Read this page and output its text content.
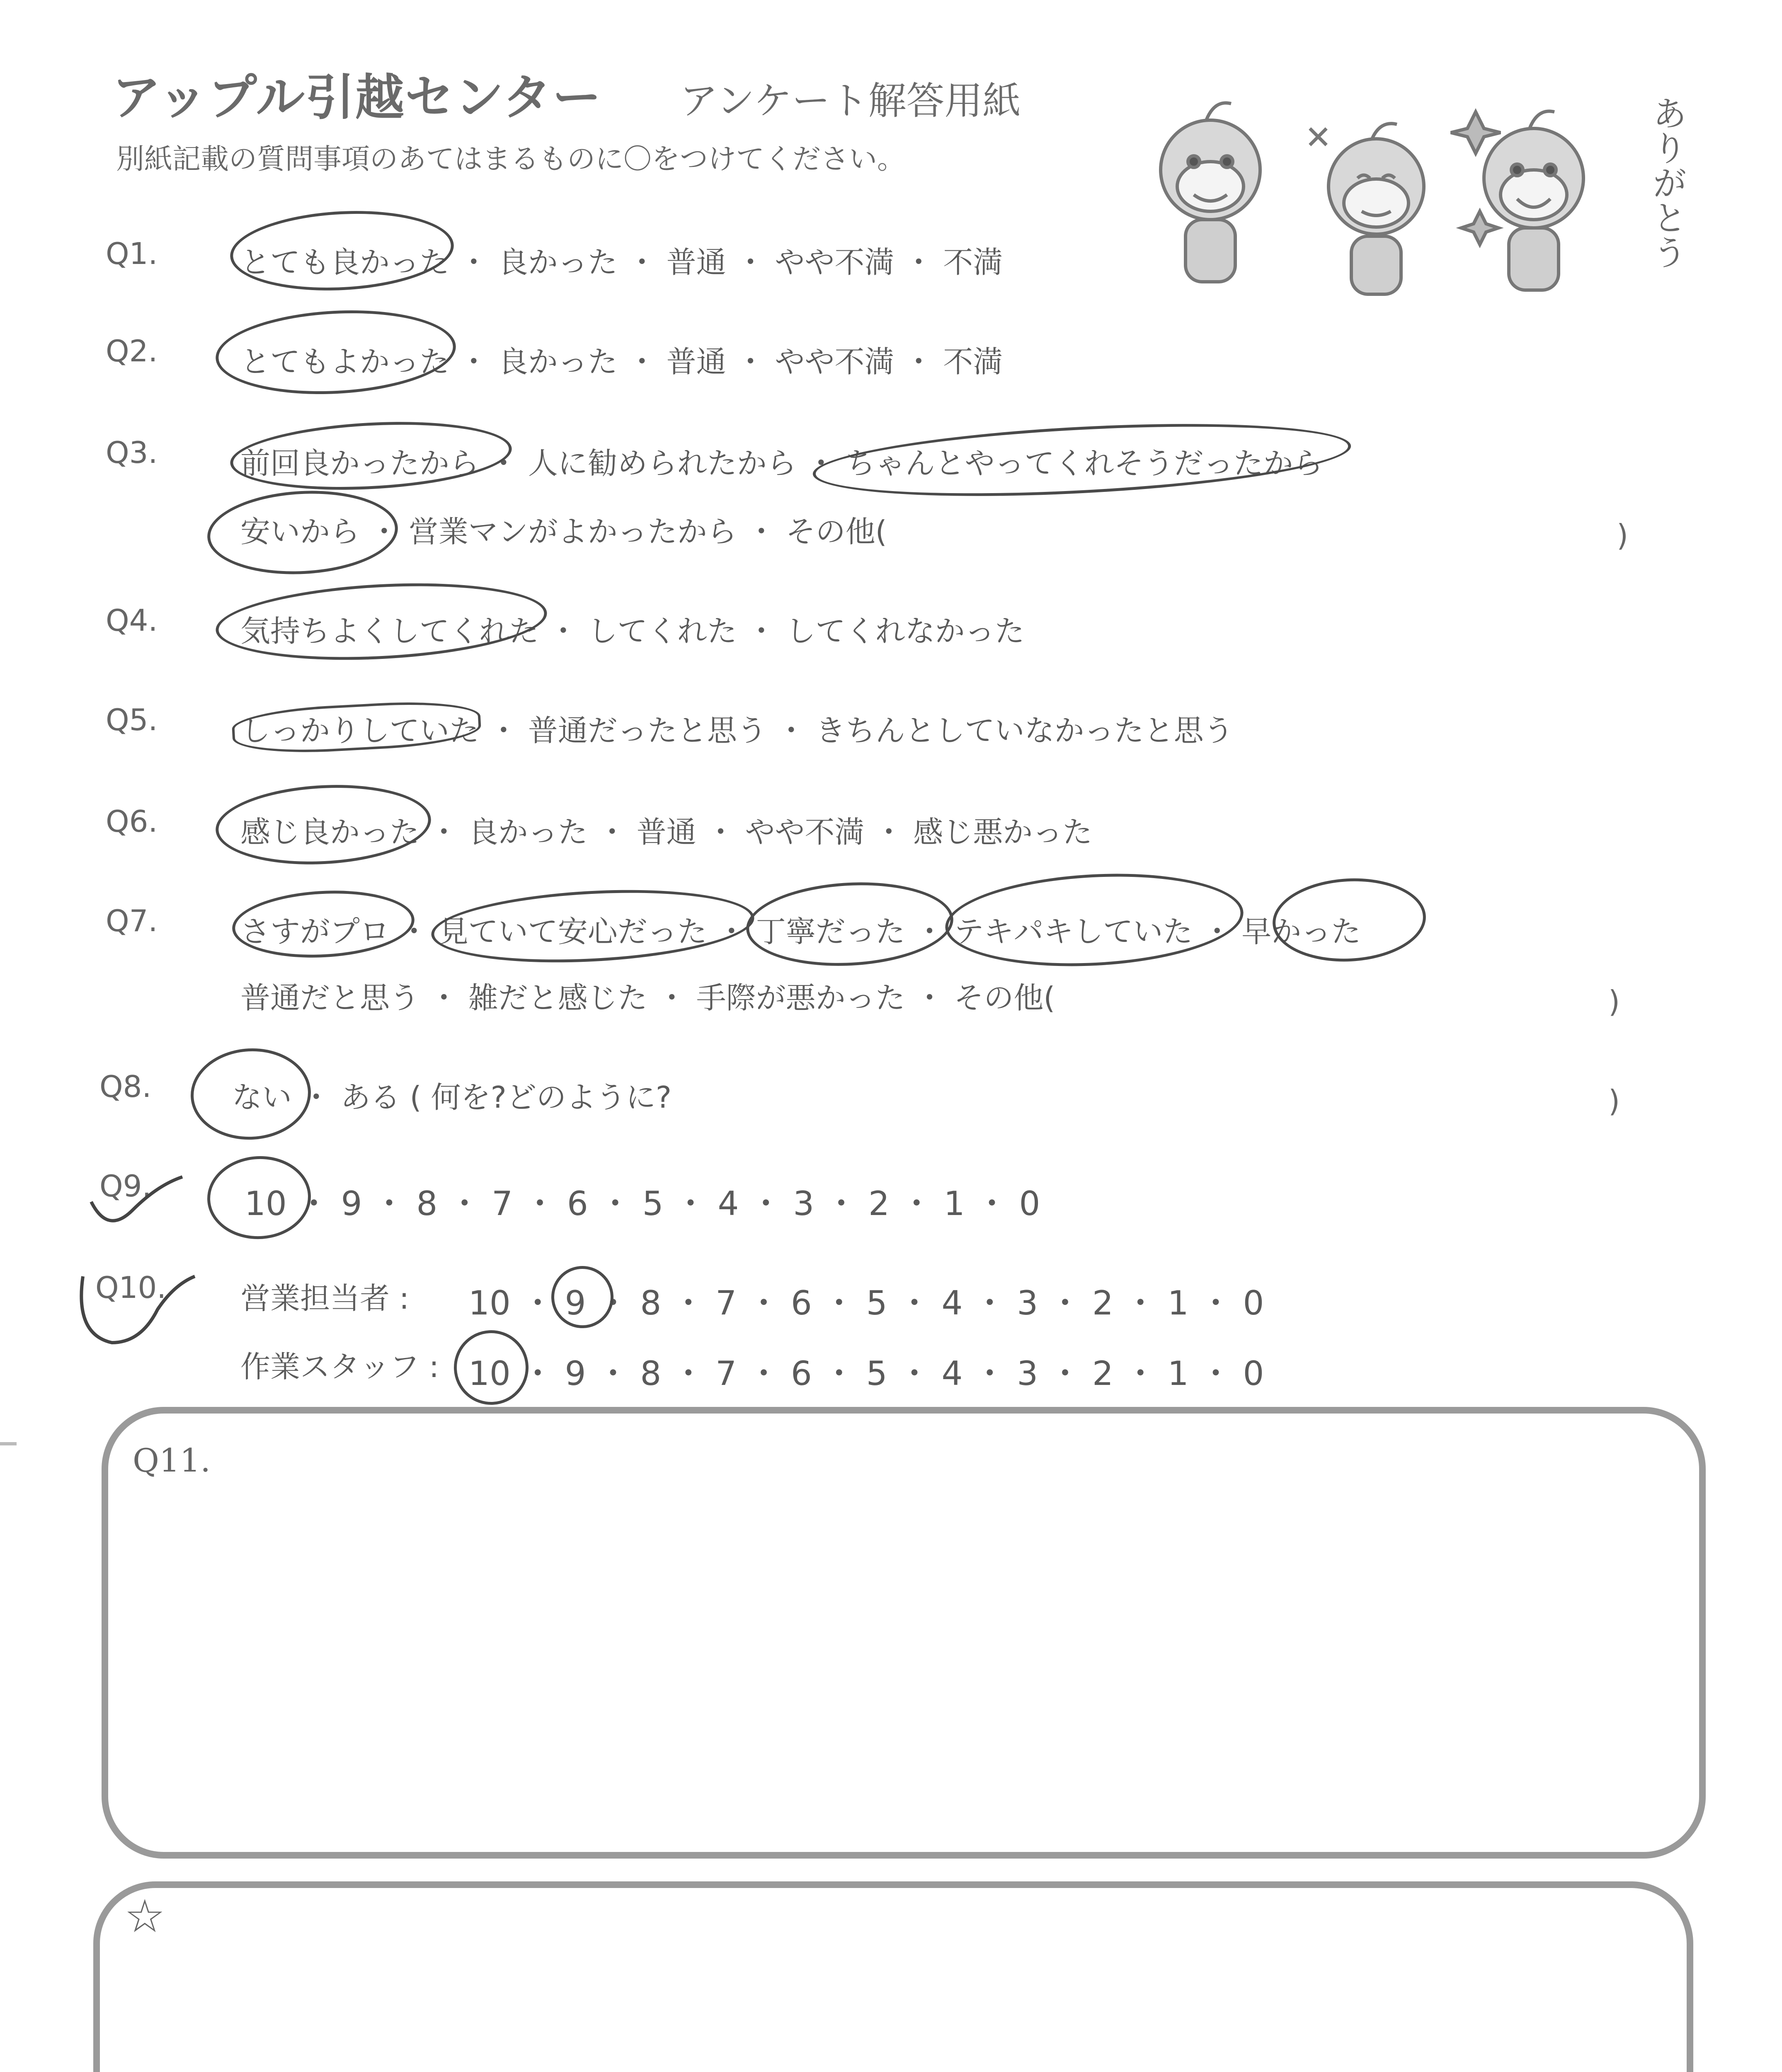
アップル引越センター アンケート解答用紙
別紙記載の質問事項のあてはまるものに〇をつけてください。	ありがとう
Q1.	とても良かった ・ 良かった ・ 普通 ・ やや不満 ・ 不満
Q2.	とてもよかった ・ 良かった ・ 普通 ・ やや不満 ・ 不満
Q3.	前回良かったから ・ 人に勧められたから ・ ちゃんとやってくれそうだったから
安いから ・ 営業マンがよかったから ・ その他(	)
Q4.	気持ちよくしてくれた ・ してくれた ・ してくれなかった
Q5.	しっかりしていた ・ 普通だったと思う ・ きちんとしていなかったと思う
Q6.	感じ良かった ・ 良かった ・ 普通 ・ やや不満 ・ 感じ悪かった
Q7.	さすがプロ ・ 見ていて安心だった ・ 丁寧だった ・ テキパキしていた ・ 早かった
普通だと思う ・ 雑だと感じた ・ 手際が悪かった ・ その他(	)
Q8.	ない ・ ある ( 何を?どのように?	)
Q9.	10 ・ 9 ・ 8 ・ 7 ・ 6 ・ 5 ・ 4 ・ 3 ・ 2 ・ 1 ・ 0
Q10. 営業担当者 : 10 ・ 9 ・ 8 ・ 7 ・ 6 ・ 5 ・ 4 ・ 3 ・ 2 ・ 1 ・ 0
作業スタッフ : 10 ・ 9 ・ 8 ・ 7 ・ 6 ・ 5 ・ 4 ・ 3 ・ 2 ・ 1 ・ 0
Q11.
☆
